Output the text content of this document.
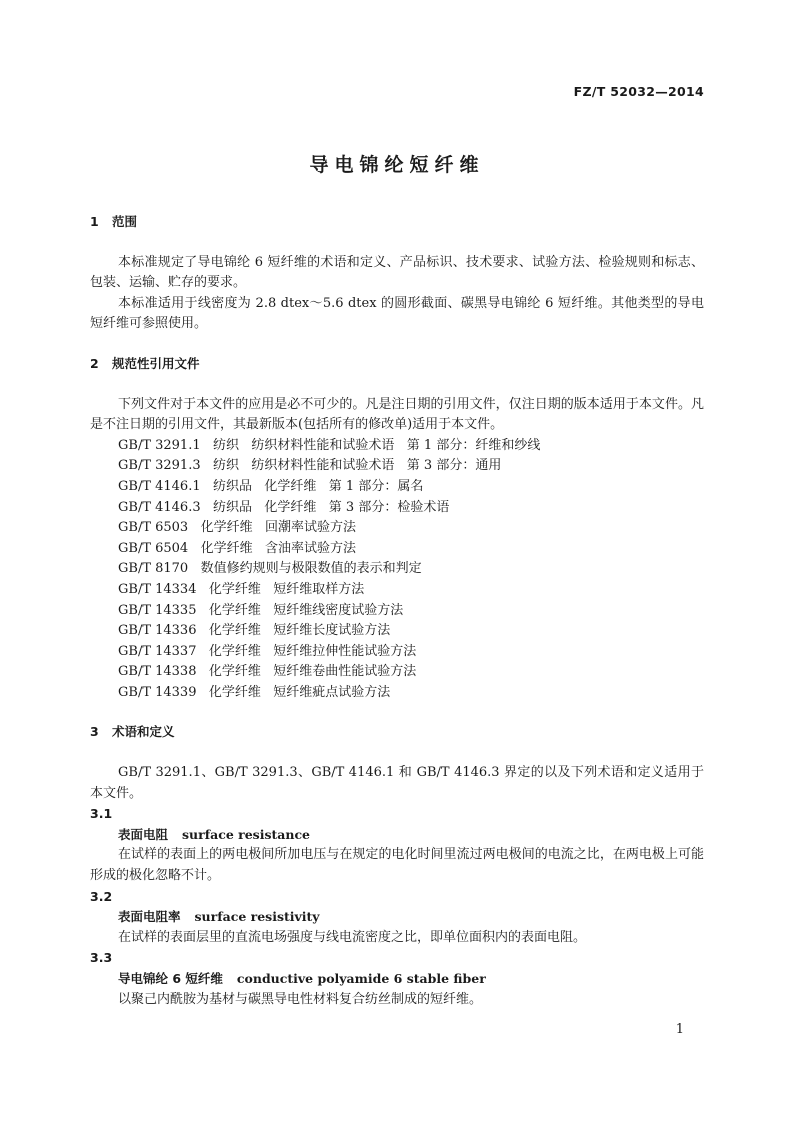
FZ/T 52032—2014
导电锦纶短纤维
1 范围
本标准规定了导电锦纶 6 短纤维的术语和定义、产品标识、技术要求、试验方法、检验规则和标志、包装、运输、贮存的要求。
本标准适用于线密度为 2.8 dtex～5.6 dtex 的圆形截面、碳黑导电锦纶 6 短纤维。其他类型的导电短纤维可参照使用。
2 规范性引用文件
下列文件对于本文件的应用是必不可少的。凡是注日期的引用文件，仅注日期的版本适用于本文件。凡是不注日期的引用文件，其最新版本(包括所有的修改单)适用于本文件。
GB/T 3291.1   纺织   纺织材料性能和试验术语   第 1 部分：纤维和纱线
GB/T 3291.3   纺织   纺织材料性能和试验术语   第 3 部分：通用
GB/T 4146.1   纺织品   化学纤维   第 1 部分：属名
GB/T 4146.3   纺织品   化学纤维   第 3 部分：检验术语
GB/T 6503   化学纤维   回潮率试验方法
GB/T 6504   化学纤维   含油率试验方法
GB/T 8170   数值修约规则与极限数值的表示和判定
GB/T 14334   化学纤维   短纤维取样方法
GB/T 14335   化学纤维   短纤维线密度试验方法
GB/T 14336   化学纤维   短纤维长度试验方法
GB/T 14337   化学纤维   短纤维拉伸性能试验方法
GB/T 14338   化学纤维   短纤维卷曲性能试验方法
GB/T 14339   化学纤维   短纤维疵点试验方法
3 术语和定义
GB/T 3291.1、GB/T 3291.3、GB/T 4146.1 和 GB/T 4146.3 界定的以及下列术语和定义适用于本文件。
3.1
表面电阻 surface resistance
在试样的表面上的两电极间所加电压与在规定的电化时间里流过两电极间的电流之比，在两电极上可能形成的极化忽略不计。
3.2
表面电阻率 surface resistivity
在试样的表面层里的直流电场强度与线电流密度之比，即单位面积内的表面电阻。
3.3
导电锦纶 6 短纤维 conductive polyamide 6 stable fiber
以聚己内酰胺为基材与碳黑导电性材料复合纺丝制成的短纤维。
1
